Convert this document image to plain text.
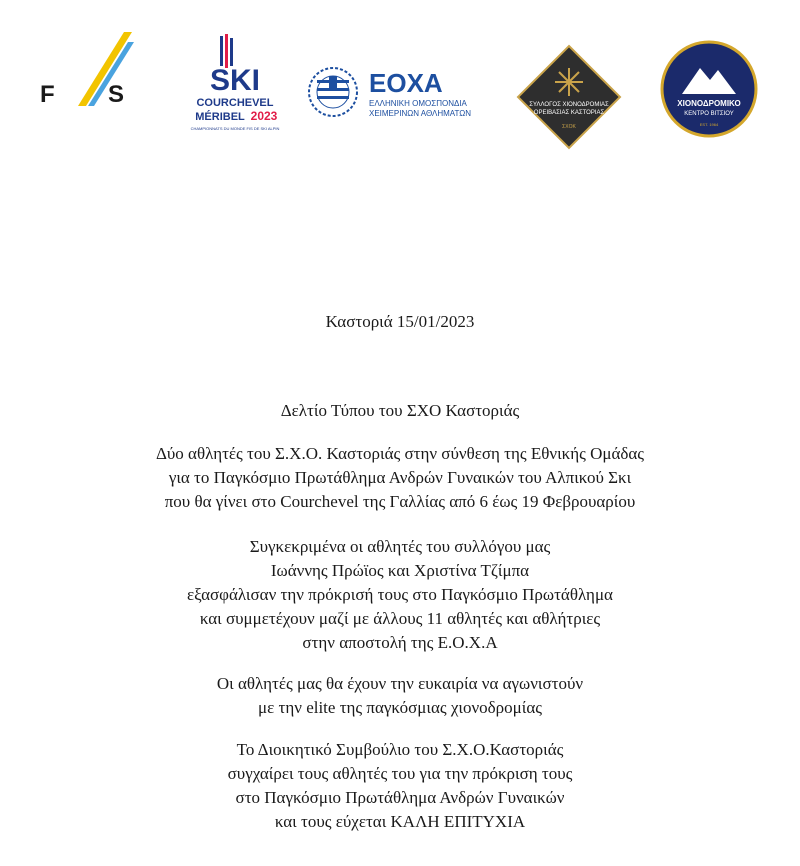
F S	SKI
COURCHEVEL
MÉRIBEL 2023
CHAMPIONNATS DU MONDE FIS DE SKI ALPIN
ΕΟΧΑ
ΕΛΛΗΝΙΚΗ ΟΜΟΣΠΟΝΔΙΑ
ΧΕΙΜΕΡΙΝΩΝ ΑΘΛΗΜΑΤΩΝ
ΣΥΛΛΟΓΟΣ ΧΙΟΝΟΔΡΟΜΙΑΣ
ΟΡΕΙΒΑΣΙΑΣ ΚΑΣΤΟΡΙΑΣ
ΣΧΟΚ
ΧΙΟΝΟΔΡΟΜΙΚΟ
ΚΕΝΤΡΟ ΒΙΤΣΙΟΥ
EST. 1964
Καστοριά 15/01/2023
Δελτίο Τύπου του ΣΧΟ Καστοριάς
Δύο αθλητές του Σ.Χ.Ο. Καστοριάς στην σύνθεση της Εθνικής Ομάδας
για το Παγκόσμιο Πρωτάθλημα Ανδρών Γυναικών του Αλπικού Σκι
που θα γίνει στο Courchevel της Γαλλίας από 6 έως 19 Φεβρουαρίου
Συγκεκριμένα οι αθλητές του συλλόγου μας
Ιωάννης Πρώϊος και Χριστίνα Τζίμπα
εξασφάλισαν την πρόκρισή τους στο Παγκόσμιο Πρωτάθλημα
και συμμετέχουν μαζί με άλλους 11 αθλητές και αθλήτριες
στην αποστολή της Ε.Ο.Χ.Α
Οι αθλητές μας θα έχουν την ευκαιρία να αγωνιστούν
με την elite της παγκόσμιας χιονοδρομίας
Το Διοικητικό Συμβούλιο του Σ.Χ.Ο.Καστοριάς
συγχαίρει τους αθλητές του για την πρόκριση τους
στο Παγκόσμιο Πρωτάθλημα Ανδρών Γυναικών
και τους εύχεται ΚΑΛΗ ΕΠΙΤΥΧΙΑ
